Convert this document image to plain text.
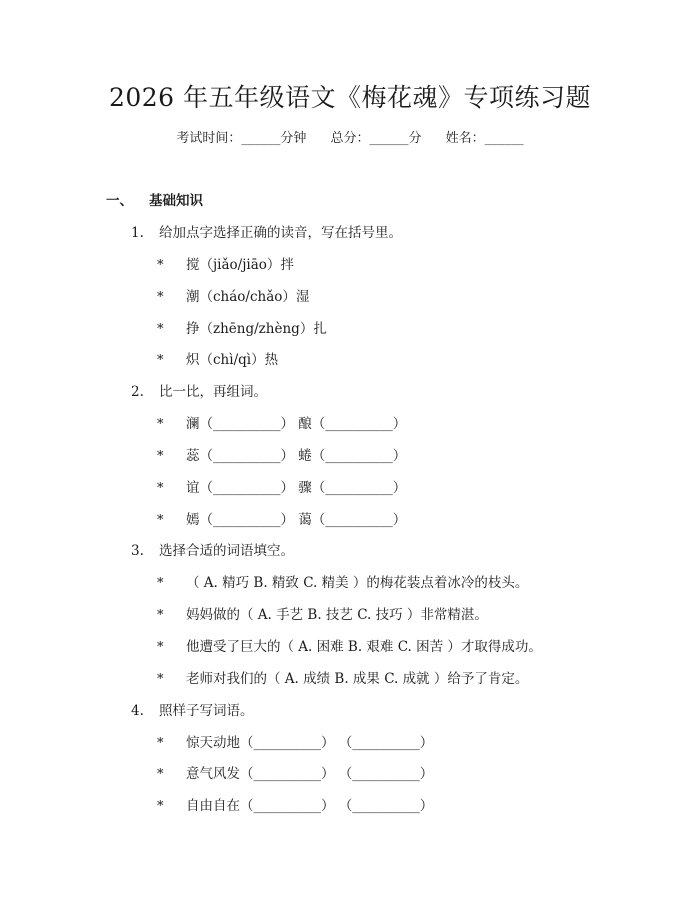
2026 年五年级语文《梅花魂》专项练习题
考试时间：______分钟 总分：______分 姓名：______
一、 基础知识
1. 给加点字选择正确的读音，写在括号里。
* 搅（jiǎo/jiāo）拌
* 潮（cháo/chǎo）湿
* 挣（zhēng/zhèng）扎
* 炽（chì/qì）热
2. 比一比，再组词。
* 澜（__________） 酿（__________）
* 蕊（__________） 蜷（__________）
* 谊（__________） 骤（__________）
* 嫣（__________） 蔼（__________）
3. 选择合适的词语填空。
* （ A. 精巧 B. 精致 C. 精美 ）的梅花装点着冰冷的枝头。
* 妈妈做的（ A. 手艺 B. 技艺 C. 技巧 ）非常精湛。
* 他遭受了巨大的（ A. 困难 B. 艰难 C. 困苦 ）才取得成功。
* 老师对我们的（ A. 成绩 B. 成果 C. 成就 ）给予了肯定。
4. 照样子写词语。
* 惊天动地（__________） （__________）
* 意气风发（__________） （__________）
* 自由自在（__________） （__________）
